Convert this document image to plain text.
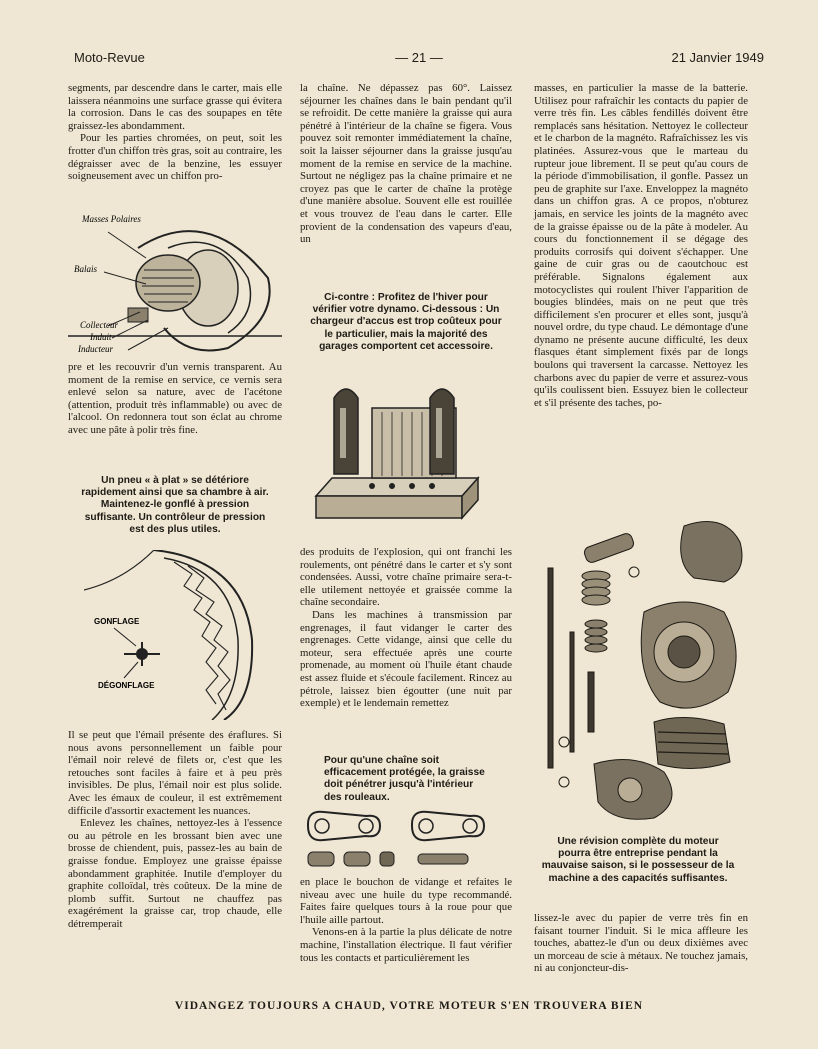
Moto-Revue	— 21 —	21 Janvier 1949

segments, par descendre dans le carter, mais elle laissera néanmoins une surface grasse qui évitera la corrosion. Dans le cas des soupapes en tête graissez-les abondamment.

Pour les parties chromées, on peut, soit les frotter d'un chiffon très gras, soit au contraire, les dégraisser avec de la benzine, les essuyer soigneusement avec un chiffon pro-

Masses Polaires
Balais
Collecteur
Induit
Inducteur

pre et les recouvrir d'un vernis transparent. Au moment de la remise en service, ce vernis sera enlevé selon sa nature, avec de l'acétone (attention, produit très inflammable) ou avec de l'alcool. On redonnera tout son éclat au chrome avec une pâte à polir très fine.

Un pneu « à plat » se détériore rapidement ainsi que sa chambre à air. Maintenez-le gonflé à pression suffisante. Un contrôleur de pression est des plus utiles.
GONFLAGE
DÉGONFLAGE

Il se peut que l'émail présente des éraflures. Si nous avons personnellement un faible pour l'émail noir relevé de filets or, c'est que les retouches sont faciles à faire et à peu près invisibles. De plus, l'émail noir est plus solide. Avec les émaux de couleur, il est extrêmement difficile d'assortir exactement les nuances.

Enlevez les chaînes, nettoyez-les à l'essence ou au pétrole en les brossant bien avec une brosse de chiendent, puis, passez-les au bain de graisse fondue. Employez une graisse épaisse abondamment graphitée. Inutile d'employer du graphite colloïdal, très coûteux. De la mine de plomb suffit. Surtout ne chauffez pas exagérément la graisse car, trop chaude, elle détremperait

la chaîne. Ne dépassez pas 60°. Laissez séjourner les chaînes dans le bain pendant qu'il se refroidit. De cette manière la graisse qui aura pénétré à l'intérieur de la chaîne se figera. Vous pouvez soit remonter immédiatement la chaîne, soit la laisser séjourner dans la graisse jusqu'au moment de la remise en service de la machine. Surtout ne négligez pas la chaîne primaire et ne croyez pas que le carter de chaîne la protège d'une manière absolue. Souvent elle est rouillée et vous trouvez de l'eau dans le carter. Elle provient de la condensation des vapeurs d'eau, un

Ci-contre : Profitez de l'hiver pour vérifier votre dynamo. Ci-dessous : Un chargeur d'accus est trop coûteux pour le particulier, mais la majorité des garages comportent cet accessoire.

des produits de l'explosion, qui ont franchi les roulements, ont pénétré dans le carter et s'y sont condensées. Aussi, votre chaîne primaire sera-t-elle utilement nettoyée et graissée comme la chaîne secondaire.

Dans les machines à transmission par engrenages, il faut vidanger le carter des engrenages. Cette vidange, ainsi que celle du moteur, sera effectuée après une courte promenade, au moment où l'huile étant chaude est assez fluide et s'écoule facilement. Rincez au pétrole, laissez bien égoutter (une nuit par exemple) et le lendemain remettez

Pour qu'une chaîne soit efficacement protégée, la graisse doit pénétrer jusqu'à l'intérieur des rouleaux.

en place le bouchon de vidange et refaites le niveau avec une huile du type recommandé. Faites faire quelques tours à la roue pour que l'huile aille partout.

Venons-en à la partie la plus délicate de notre machine, l'installation électrique. Il faut vérifier tous les contacts et particulièrement les

masses, en particulier la masse de la batterie. Utilisez pour rafraîchir les contacts du papier de verre très fin. Les câbles fendillés doivent être remplacés sans hésitation. Nettoyez le collecteur et le charbon de la magnéto. Rafraîchissez les vis platinées. Assurez-vous que le marteau du rupteur joue librement. Il se peut qu'au cours de la période d'immobilisation, il gonfle. Passez un peu de graphite sur l'axe. Enveloppez la magnéto dans un chiffon gras. A ce propos, n'obturez jamais, en service les joints de la magnéto avec de la graisse épaisse ou de la pâte à modeler. Au cours du fonctionnement il se dégage des produits corrosifs qui doivent s'échapper. Une gaine de cuir gras ou de caoutchouc est préférable. Signalons également aux motocyclistes qui roulent l'hiver l'apparition de bougies blindées, mais on ne peut que très difficilement s'en procurer et elles sont, jusqu'à nouvel ordre, du type chaud. Le démontage d'une dynamo ne présente aucune difficulté, les deux flasques étant simplement fixés par de longs boulons qui traversent la carcasse. Nettoyez les charbons avec du papier de verre et assurez-vous qu'ils coulissent bien. Essuyez bien le collecteur et s'il présente des taches, po-

Une révision complète du moteur pourra être entreprise pendant la mauvaise saison, si le possesseur de la machine a des capacités suffisantes.

lissez-le avec du papier de verre très fin en faisant tourner l'induit. Si le mica affleure les touches, abattez-le d'un ou deux dixièmes avec un morceau de scie à métaux. Ne touchez jamais, ni au conjoncteur-dis-

VIDANGEZ TOUJOURS A CHAUD, VOTRE MOTEUR S'EN TROUVERA BIEN
